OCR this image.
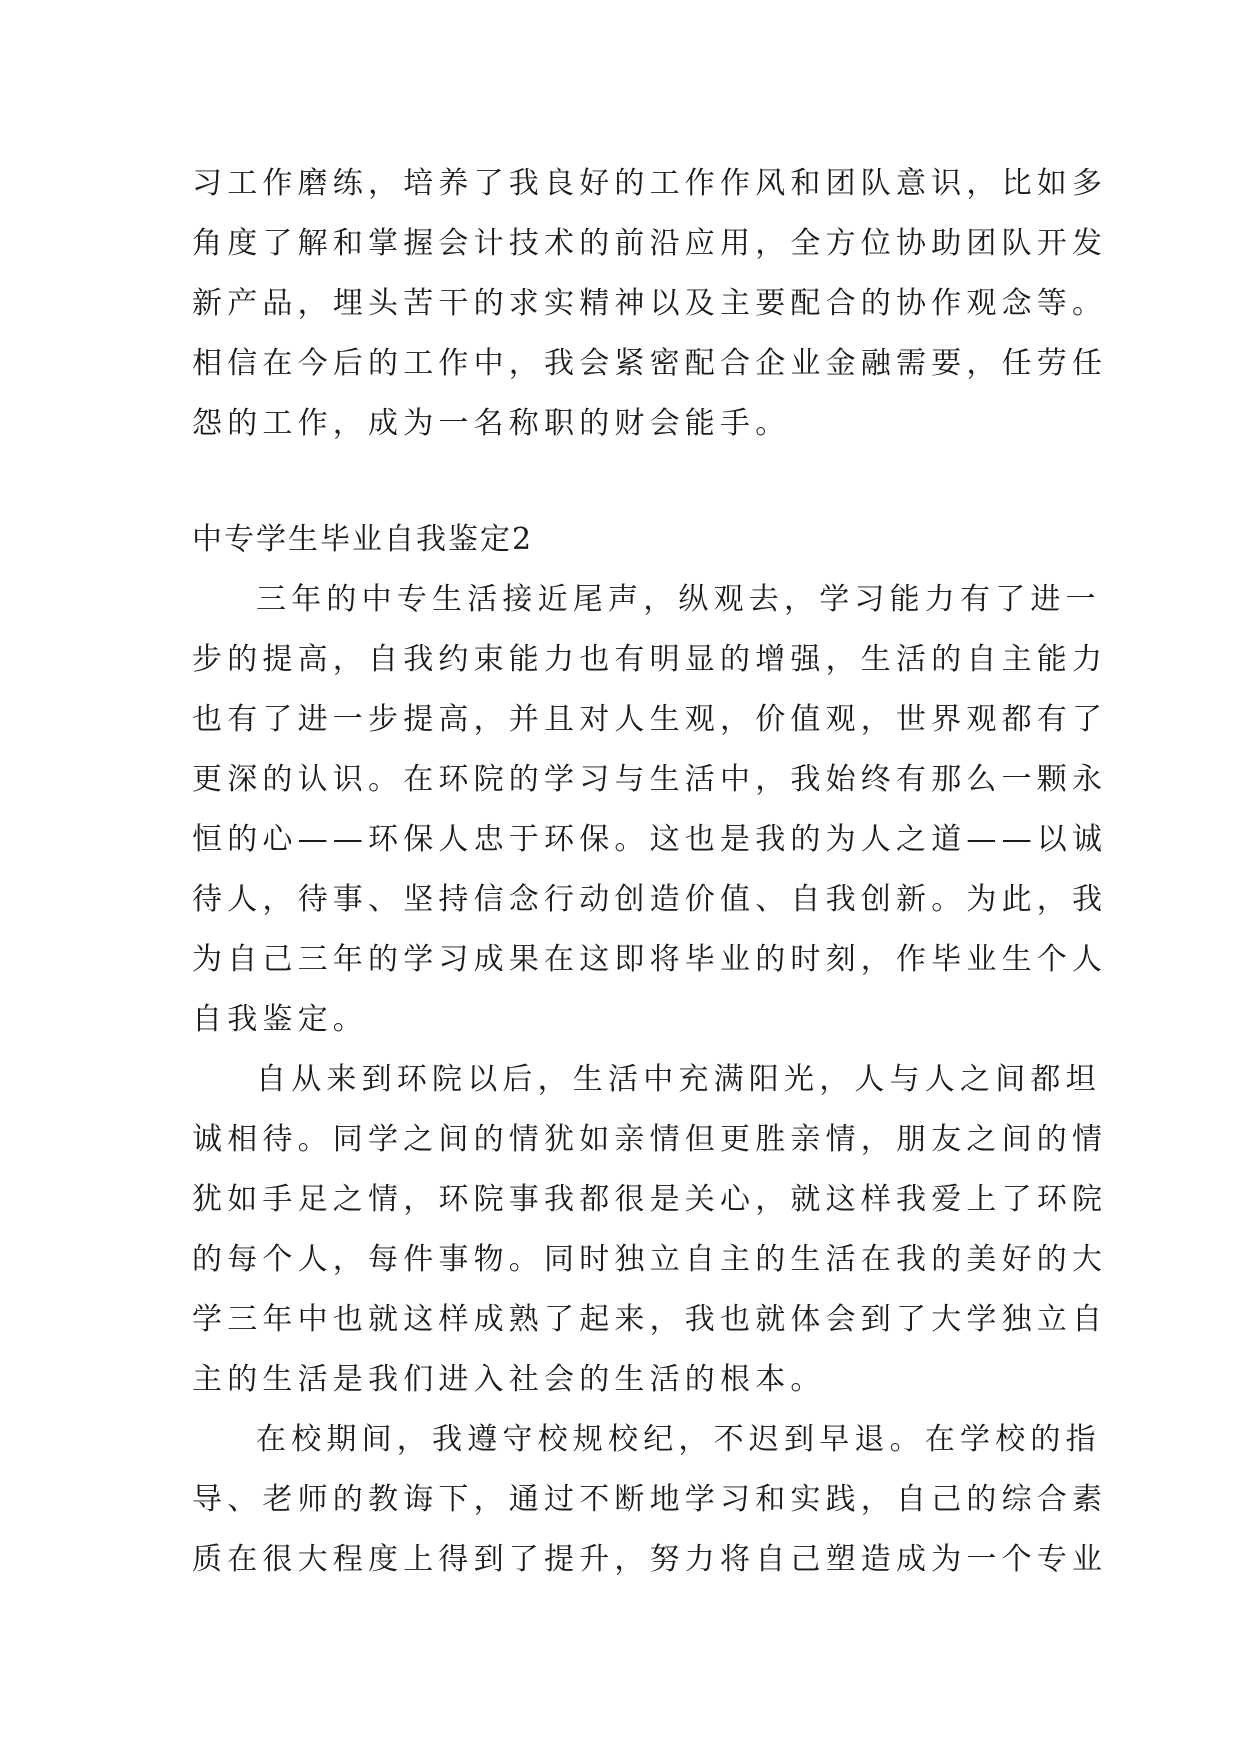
习工作磨练，培养了我良好的工作作风和团队意识，比如多
角度了解和掌握会计技术的前沿应用，全方位协助团队开发
新产品，埋头苦干的求实精神以及主要配合的协作观念等。
相信在今后的工作中，我会紧密配合企业金融需要，任劳任
怨的工作，成为一名称职的财会能手。
中专学生毕业自我鉴定2
三年的中专生活接近尾声，纵观去，学习能力有了进一
步的提高，自我约束能力也有明显的增强，生活的自主能力
也有了进一步提高，并且对人生观，价值观，世界观都有了
更深的认识。在环院的学习与生活中，我始终有那么一颗永
恒的心——环保人忠于环保。这也是我的为人之道——以诚
待人，待事、坚持信念行动创造价值、自我创新。为此，我
为自己三年的学习成果在这即将毕业的时刻，作毕业生个人
自我鉴定。
自从来到环院以后，生活中充满阳光，人与人之间都坦
诚相待。同学之间的情犹如亲情但更胜亲情，朋友之间的情
犹如手足之情，环院事我都很是关心，就这样我爱上了环院
的每个人，每件事物。同时独立自主的生活在我的美好的大
学三年中也就这样成熟了起来，我也就体会到了大学独立自
主的生活是我们进入社会的生活的根本。
在校期间，我遵守校规校纪，不迟到早退。在学校的指
导、老师的教诲下，通过不断地学习和实践，自己的综合素
质在很大程度上得到了提升，努力将自己塑造成为一个专业
